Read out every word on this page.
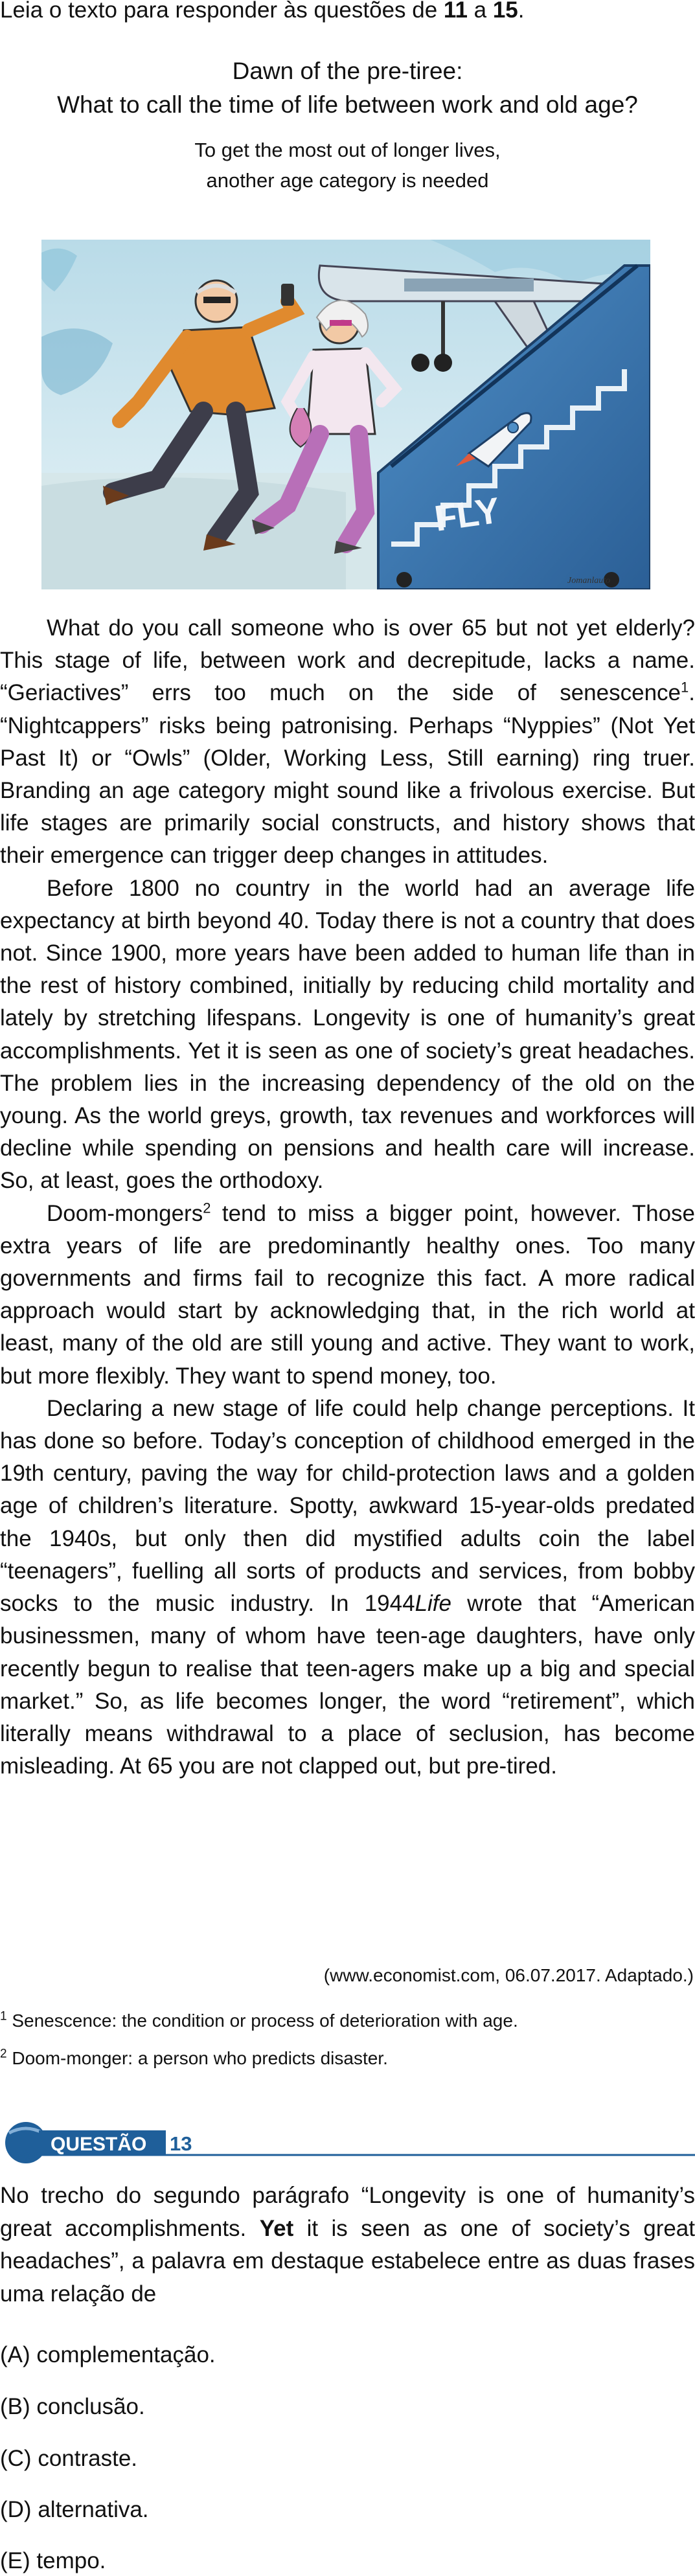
Leia o texto para responder às questões de 11 a 15.
Dawn of the pre-tiree:
What to call the time of life between work and old age?
To get the most out of longer lives,
another age category is needed
FLY
Jomanlauto

What do you call someone who is over 65 but not yet elderly? This stage of life, between work and decrepitude, lacks a name. “Geriactives” errs too much on the side of senescence$^1$. “Nightcappers” risks being patronising. Perhaps “Nyppies” (Not Yet Past It) or “Owls” (Older, Working Less, Still earning) ring truer. Branding an age category might sound like a frivolous exercise. But life stages are primarily social constructs, and history shows that their emergence can trigger deep changes in attitudes.

Before 1800 no country in the world had an average life expectancy at birth beyond 40. Today there is not a country that does not. Since 1900, more years have been added to human life than in the rest of history combined, initially by reducing child mortality and lately by stretching lifespans. Longevity is one of humanity’s great accomplishments. Yet it is seen as one of society’s great headaches. The problem lies in the increasing dependency of the old on the young. As the world greys, growth, tax revenues and workforces will decline while spending on pensions and health care will increase. So, at least, goes the orthodoxy.

Doom-mongers$^2$ tend to miss a bigger point, however. Those extra years of life are predominantly healthy ones. Too many governments and firms fail to recognize this fact. A more radical approach would start by acknowledging that, in the rich world at least, many of the old are still young and active. They want to work, but more flexibly. They want to spend money, too.

Declaring a new stage of life could help change perceptions. It has done so before. Today’s conception of childhood emerged in the 19th century, paving the way for child-protection laws and a golden age of children’s literature. Spotty, awkward 15-year-olds predated the 1940s, but only then did mystified adults coin the label “teenagers”, fuelling all sorts of products and services, from bobby socks to the music industry. In 1944Life wrote that “American businessmen, many of whom have teen-age daughters, have only recently begun to realise that teen-agers make up a big and special market.” So, as life becomes longer, the word “retirement”, which literally means withdrawal to a place of seclusion, has become misleading. At 65 you are not clapped out, but pre-tired.

(www.economist.com, 06.07.2017. Adaptado.)
$^1$ Senescence: the condition or process of deterioration with age.
$^2$ Doom-monger: a person who predicts disaster.
QUESTÃO 13
No trecho do segundo parágrafo “Longevity is one of humanity’s great accomplishments. Yet it is seen as one of society’s great headaches”, a palavra em destaque estabelece entre as duas frases uma relação de
(A) complementação.
(B) conclusão.
(C) contraste.
(D) alternativa.
(E) tempo.
